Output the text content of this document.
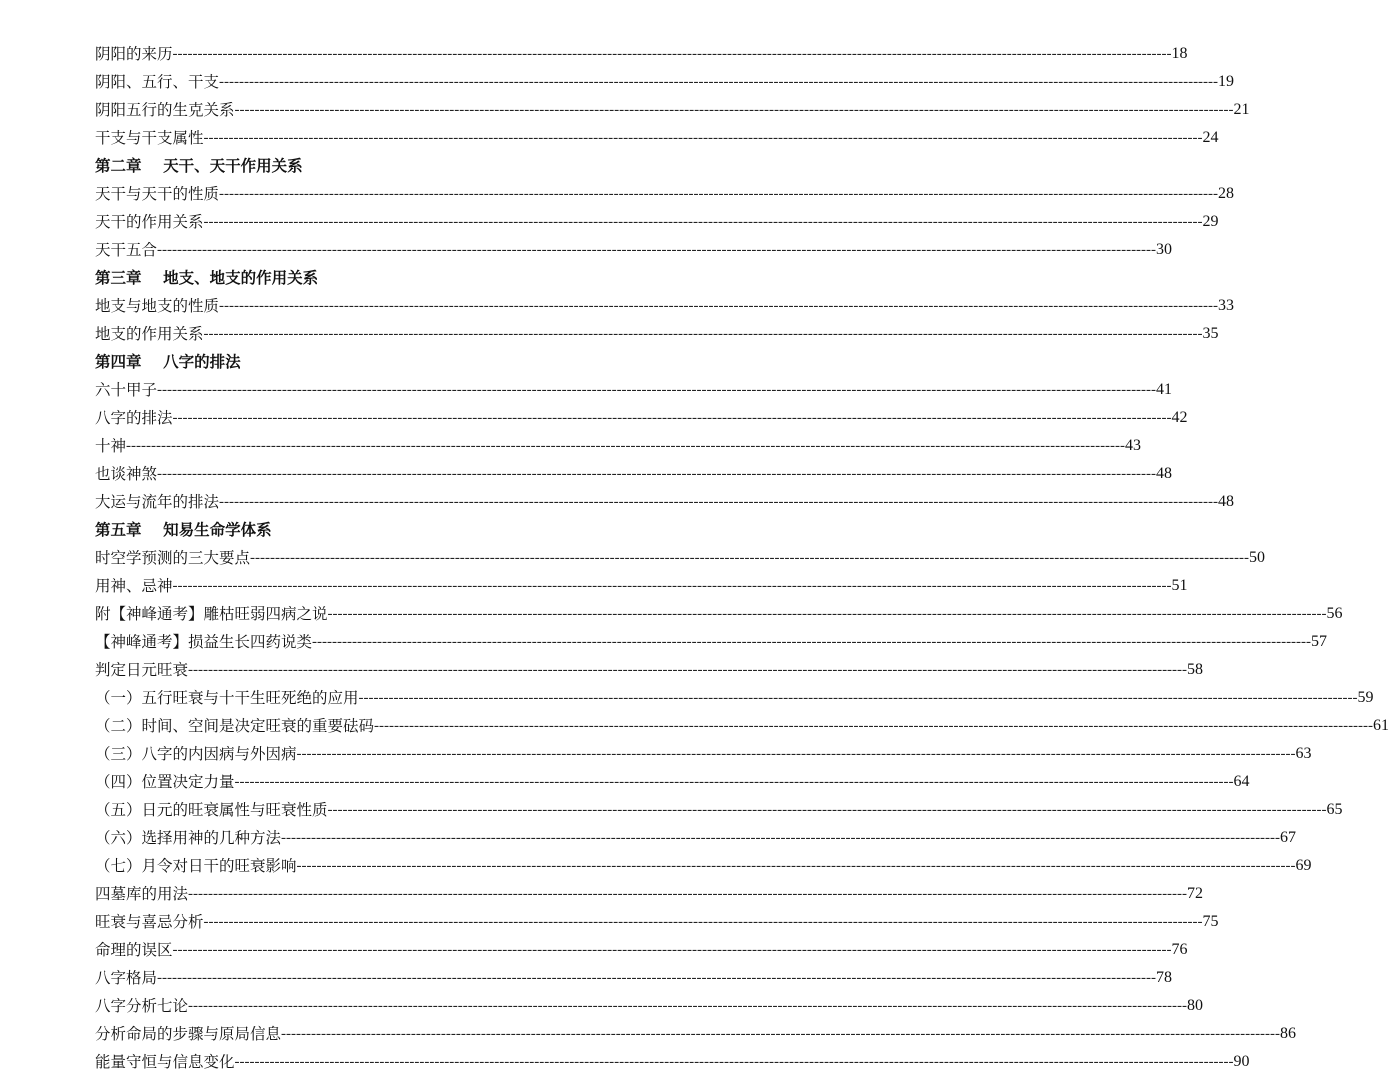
阴阳的来历 -------------------------------------------------------------------------------------------------------------------------------------------------------------------------------------------------------- 18
阴阳、五行、干支 -------------------------------------------------------------------------------------------------------------------------------------------------------------------------------------------------------- 19
阴阳五行的生克关系 -------------------------------------------------------------------------------------------------------------------------------------------------------------------------------------------------------- 21
干支与干支属性 -------------------------------------------------------------------------------------------------------------------------------------------------------------------------------------------------------- 24
第二章    天干、天干作用关系
天干与天干的性质 -------------------------------------------------------------------------------------------------------------------------------------------------------------------------------------------------------- 28
天干的作用关系 -------------------------------------------------------------------------------------------------------------------------------------------------------------------------------------------------------- 29
天干五合 -------------------------------------------------------------------------------------------------------------------------------------------------------------------------------------------------------- 30
第三章    地支、地支的作用关系
地支与地支的性质 -------------------------------------------------------------------------------------------------------------------------------------------------------------------------------------------------------- 33
地支的作用关系 -------------------------------------------------------------------------------------------------------------------------------------------------------------------------------------------------------- 35
第四章    八字的排法
六十甲子 -------------------------------------------------------------------------------------------------------------------------------------------------------------------------------------------------------- 41
八字的排法 -------------------------------------------------------------------------------------------------------------------------------------------------------------------------------------------------------- 42
十神 -------------------------------------------------------------------------------------------------------------------------------------------------------------------------------------------------------- 43
也谈神煞 -------------------------------------------------------------------------------------------------------------------------------------------------------------------------------------------------------- 48
大运与流年的排法 -------------------------------------------------------------------------------------------------------------------------------------------------------------------------------------------------------- 48
第五章    知易生命学体系
时空学预测的三大要点 -------------------------------------------------------------------------------------------------------------------------------------------------------------------------------------------------------- 50
用神、忌神 -------------------------------------------------------------------------------------------------------------------------------------------------------------------------------------------------------- 51
附【神峰通考】雕枯旺弱四病之说 -------------------------------------------------------------------------------------------------------------------------------------------------------------------------------------------------------- 56
【神峰通考】损益生长四药说类 -------------------------------------------------------------------------------------------------------------------------------------------------------------------------------------------------------- 57
判定日元旺衰 -------------------------------------------------------------------------------------------------------------------------------------------------------------------------------------------------------- 58
（一）五行旺衰与十干生旺死绝的应用 -------------------------------------------------------------------------------------------------------------------------------------------------------------------------------------------------------- 59
（二）时间、空间是决定旺衰的重要砝码 -------------------------------------------------------------------------------------------------------------------------------------------------------------------------------------------------------- 61
（三）八字的内因病与外因病 -------------------------------------------------------------------------------------------------------------------------------------------------------------------------------------------------------- 63
（四）位置决定力量 -------------------------------------------------------------------------------------------------------------------------------------------------------------------------------------------------------- 64
（五）日元的旺衰属性与旺衰性质 -------------------------------------------------------------------------------------------------------------------------------------------------------------------------------------------------------- 65
（六）选择用神的几种方法 -------------------------------------------------------------------------------------------------------------------------------------------------------------------------------------------------------- 67
（七）月令对日干的旺衰影响 -------------------------------------------------------------------------------------------------------------------------------------------------------------------------------------------------------- 69
四墓库的用法 -------------------------------------------------------------------------------------------------------------------------------------------------------------------------------------------------------- 72
旺衰与喜忌分析 -------------------------------------------------------------------------------------------------------------------------------------------------------------------------------------------------------- 75
命理的误区 -------------------------------------------------------------------------------------------------------------------------------------------------------------------------------------------------------- 76
八字格局 -------------------------------------------------------------------------------------------------------------------------------------------------------------------------------------------------------- 78
八字分析七论 -------------------------------------------------------------------------------------------------------------------------------------------------------------------------------------------------------- 80
分析命局的步骤与原局信息 -------------------------------------------------------------------------------------------------------------------------------------------------------------------------------------------------------- 86
能量守恒与信息变化 -------------------------------------------------------------------------------------------------------------------------------------------------------------------------------------------------------- 90
